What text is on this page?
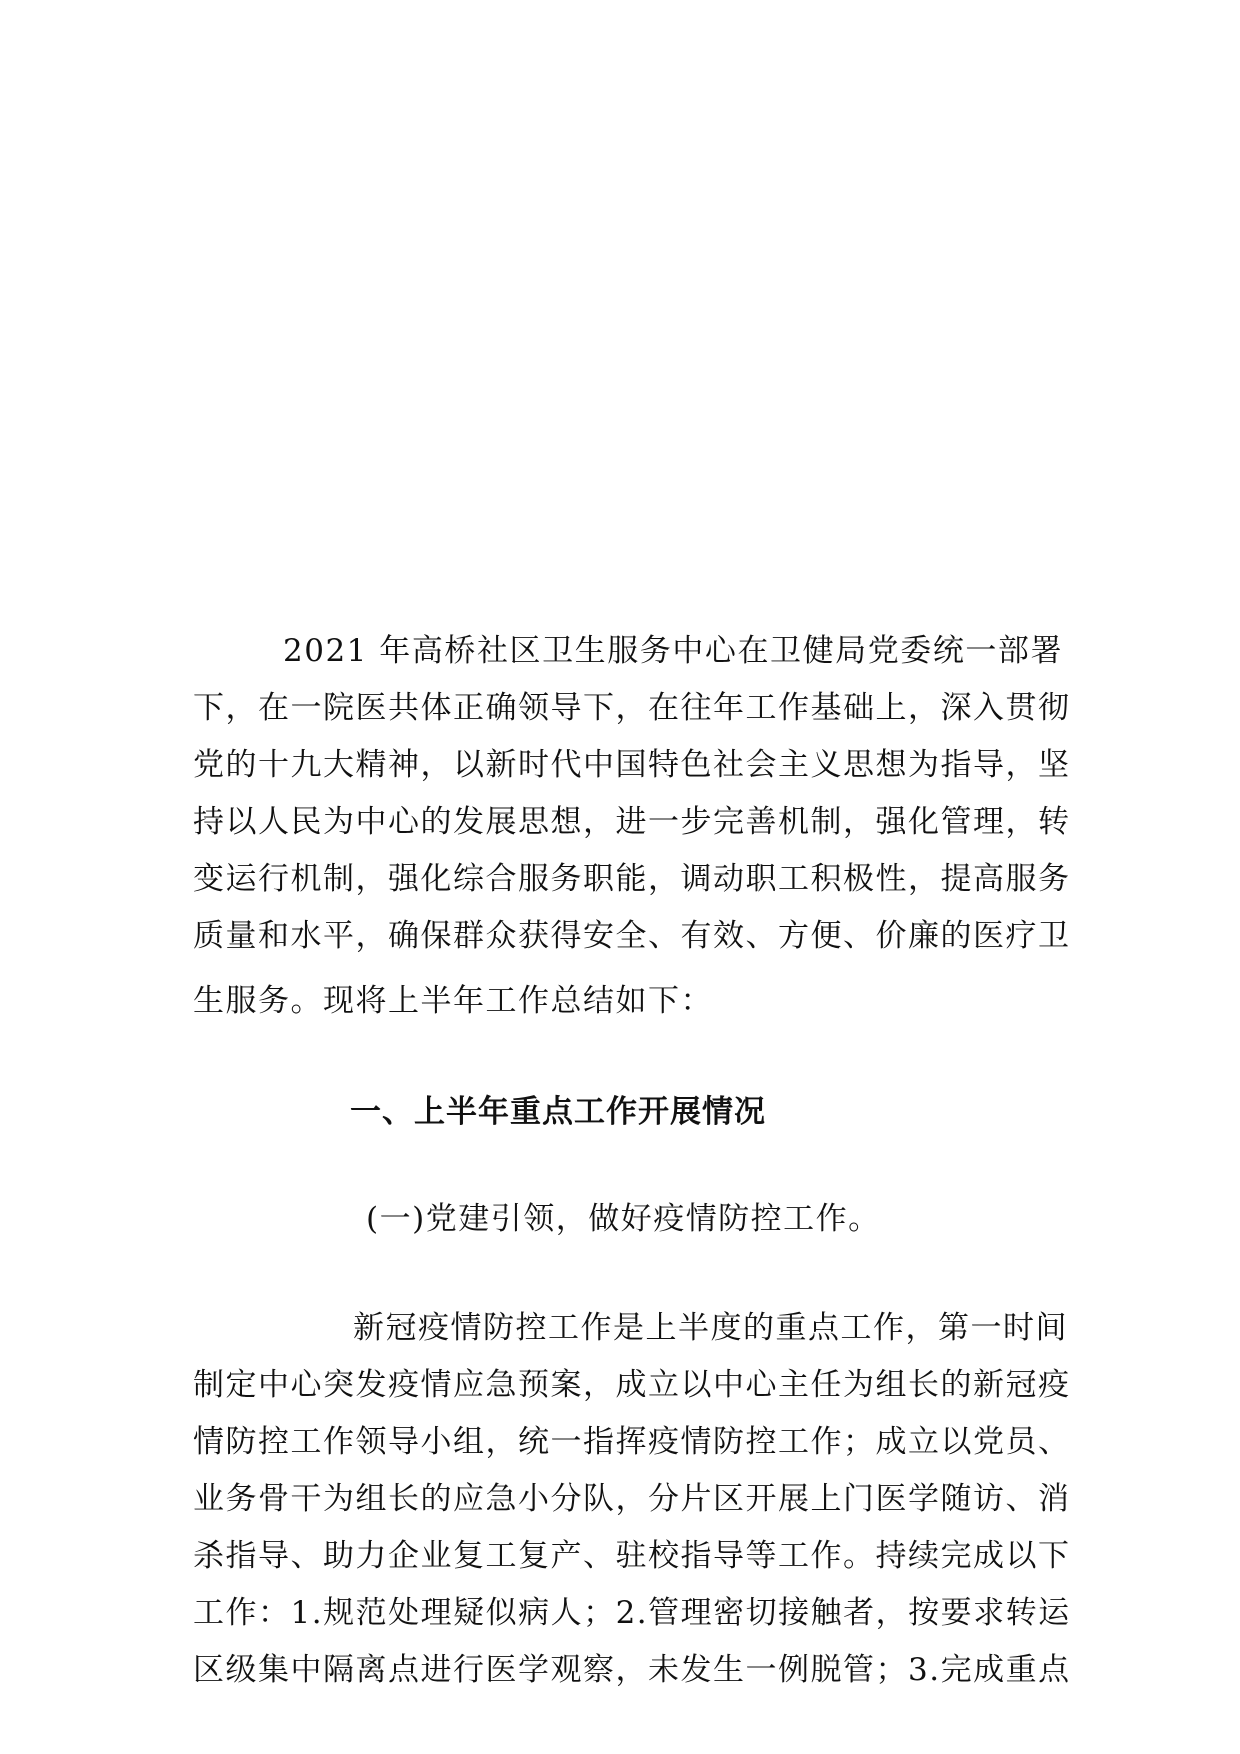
2021 年高桥社区卫生服务中心在卫健局党委统一部署
下，在一院医共体正确领导下，在往年工作基础上，深入贯彻
党的十九大精神，以新时代中国特色社会主义思想为指导，坚
持以人民为中心的发展思想，进一步完善机制，强化管理，转
变运行机制，强化综合服务职能，调动职工积极性，提高服务
质量和水平，确保群众获得安全、有效、方便、价廉的医疗卫
生服务。现将上半年工作总结如下：
一、上半年重点工作开展情况

(一)党建引领，做好疫情防控工作。

新冠疫情防控工作是上半度的重点工作，第一时间
制定中心突发疫情应急预案，成立以中心主任为组长的新冠疫
情防控工作领导小组，统一指挥疫情防控工作；成立以党员、
业务骨干为组长的应急小分队，分片区开展上门医学随访、消
杀指导、助力企业复工复产、驻校指导等工作。持续完成以下
工作：1.规范处理疑似病人；2.管理密切接触者，按要求转运
区级集中隔离点进行医学观察，未发生一例脱管；3.完成重点
